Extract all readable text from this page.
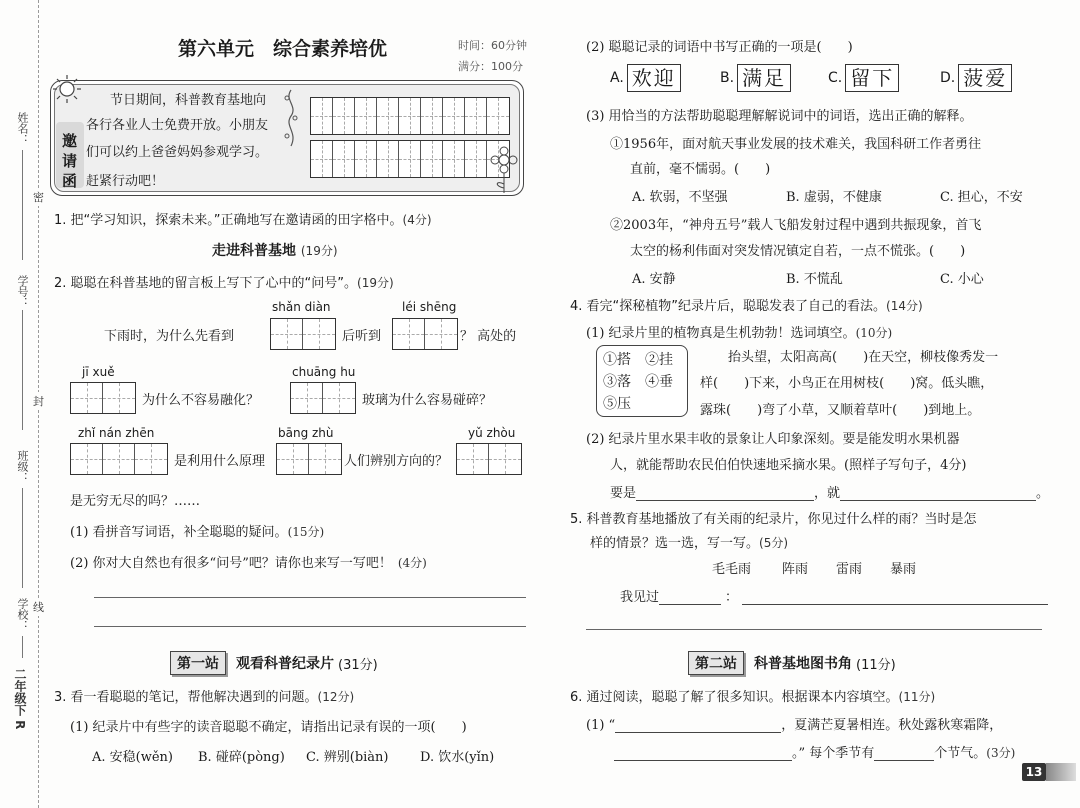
姓名：
密
学号：
封
班级：
线
学校：
二年级下 R
第六单元　综合素养培优	时间：60分钟
满分：100分
邀
请
函
节日期间，科普教育基地向
各行各业人士免费开放。小朋友
们可以约上爸爸妈妈参观学习。
赶紧行动吧！
1. 把“学习知识，探索未来。”正确地写在邀请函的田字格中。(4分)
走进科普基地 (19分)
2. 聪聪在科普基地的留言板上写下了心中的“问号”。(19分)
shǎn diàn	léi shēng
下雨时，为什么先看到	后听到	？ 高处的
jī xuě	chuāng hu
为什么不容易融化？	玻璃为什么容易碰碎？
zhǐ nán zhēn	bāng zhù	yǔ zhòu
是利用什么原理	人们辨别方向的？
是无穷无尽的吗？……
(1) 看拼音写词语，补全聪聪的疑问。(15分)
(2) 你对大自然也有很多“问号”吧？请你也来写一写吧！ (4分)
第一站	观看科普纪录片 (31分)
3. 看一看聪聪的笔记，帮他解决遇到的问题。(12分)
(1) 纪录片中有些字的读音聪聪不确定，请指出记录有误的一项(　　)
A. 安稳(wěn) B. 碰碎(pòng) C. 辨别(biàn) D. 饮水(yǐn)
(2) 聪聪记录的词语中书写正确的一项是(　　)
A. 欢迎	B. 满足	C. 留下	D. 菠爱
(3) 用恰当的方法帮助聪聪理解解说词中的词语，选出正确的解释。
①1956年，面对航天事业发展的技术难关，我国科研工作者勇往
直前，毫不懦弱。(　　)
A. 软弱，不坚强	B. 虚弱，不健康	C. 担心，不安
②2003年，“神舟五号”载人飞船发射过程中遇到共振现象，首飞
太空的杨利伟面对突发情况镇定自若，一点不慌张。(　　)
A. 安静	B. 不慌乱	C. 小心
4. 看完“探秘植物”纪录片后，聪聪发表了自己的看法。(14分)
(1) 纪录片里的植物真是生机勃勃！选词填空。(10分)
①搭　②挂
③落　④垂
⑤压
抬头望，太阳高高(　　)在天空，柳枝像秀发一
样(　　)下来，小鸟正在用树枝(　　)窝。低头瞧，
露珠(　　)弯了小草，又顺着草叶(　　)到地上。
(2) 纪录片里水果丰收的景象让人印象深刻。要是能发明水果机器
人，就能帮助农民伯伯快速地采摘水果。(照样子写句子，4分)
要是	，就	。
5. 科普教育基地播放了有关雨的纪录片，你见过什么样的雨？当时是怎
样的情景？选一选，写一写。(5分)
毛毛雨 阵雨 雷雨 暴雨
我见过	：
第二站	科普基地图书角 (11分)
6. 通过阅读，聪聪了解了很多知识。根据课本内容填空。(11分)
(1) “	，夏满芒夏暑相连。秋处露秋寒霜降，
。” 每个季节有	个节气。 (3分)
13
